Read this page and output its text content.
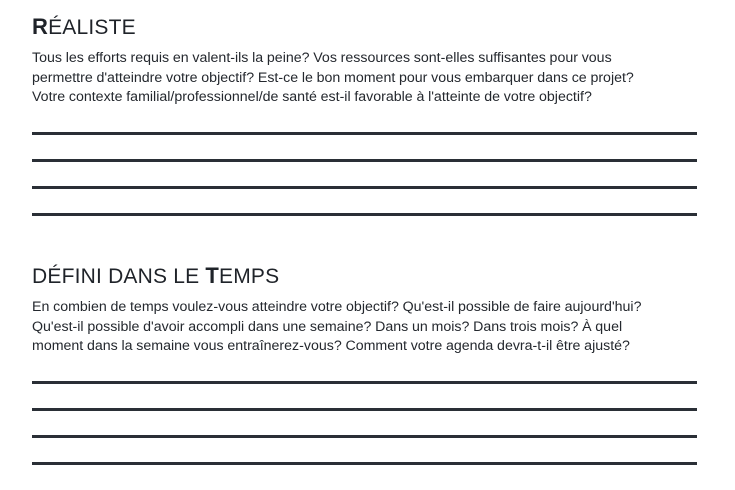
RÉALISTE

Tous les efforts requis en valent-ils la peine? Vos ressources sont-elles suffisantes pour vous
permettre d'atteindre votre objectif? Est-ce le bon moment pour vous embarquer dans ce projet?
Votre contexte familial/professionnel/de santé est-il favorable à l'atteinte de votre objectif?

DÉFINI DANS LE TEMPS

En combien de temps voulez-vous atteindre votre objectif? Qu'est-il possible de faire aujourd'hui?
Qu'est-il possible d'avoir accompli dans une semaine? Dans un mois? Dans trois mois? À quel
moment dans la semaine vous entraînerez-vous? Comment votre agenda devra-t-il être ajusté?
